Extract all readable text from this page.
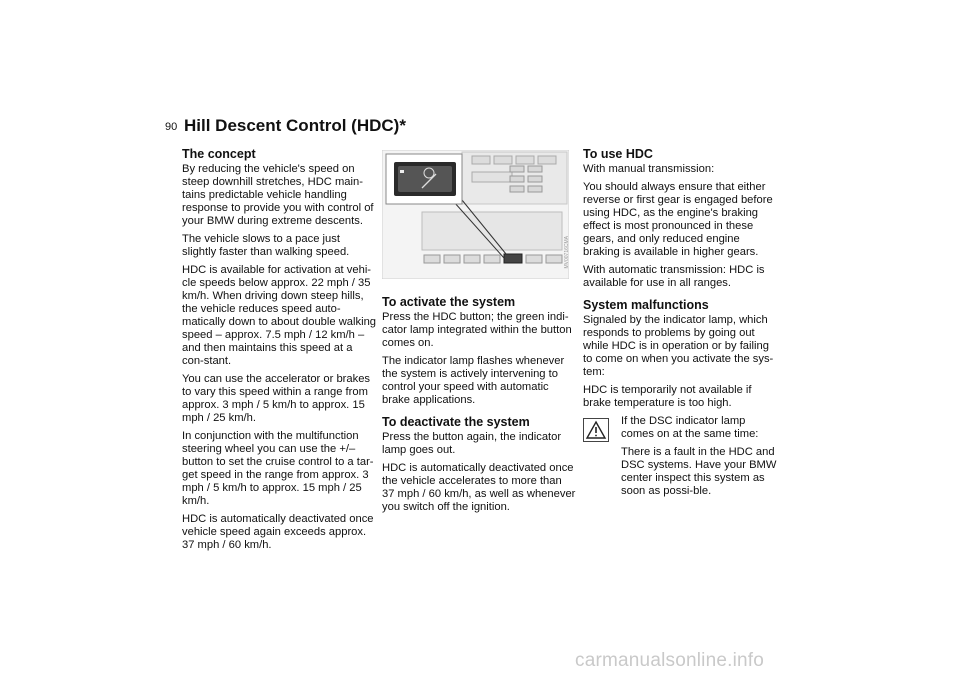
90 Hill Descent Control (HDC)*
The concept

By reducing the vehicle's speed on steep downhill stretches, HDC main-tains predictable vehicle handling response to provide you with control of your BMW during extreme descents.

The vehicle slows to a pace just slightly faster than walking speed.

HDC is available for activation at vehi-cle speeds below approx. 22 mph / 35 km/h. When driving down steep hills, the vehicle reduces speed auto-matically down to about double walking speed – approx. 7.5 mph / 12 km/h – and then maintains this speed at a con-stant.

You can use the accelerator or brakes to vary this speed within a range from approx. 3 mph / 5 km/h to approx. 15 mph / 25 km/h.

In conjunction with the multifunction steering wheel you can use the +/– button to set the cruise control to a tar-get speed in the range from approx. 3 mph / 5 km/h to approx. 15 mph / 25 km/h.

HDC is automatically deactivated once vehicle speed again exceeds approx. 37 mph / 60 km/h.

MV00716CMA
To activate the system

Press the HDC button; the green indi-cator lamp integrated within the button comes on.

The indicator lamp flashes whenever the system is actively intervening to control your speed with automatic brake applications.

To deactivate the system

Press the button again, the indicator lamp goes out.

HDC is automatically deactivated once the vehicle accelerates to more than 37 mph / 60 km/h, as well as whenever you switch off the ignition.

To use HDC

With manual transmission:

You should always ensure that either reverse or first gear is engaged before using HDC, as the engine's braking effect is most pronounced in these gears, and only reduced engine braking is available in higher gears.

With automatic transmission: HDC is available for use in all ranges.

System malfunctions

Signaled by the indicator lamp, which responds to problems by going out while HDC is in operation or by failing to come on when you activate the sys-tem:

HDC is temporarily not available if brake temperature is too high.

If the DSC indicator lamp comes on at the same time:

There is a fault in the HDC and DSC systems. Have your BMW center inspect this system as soon as possi-ble.

carmanualsonline.info
